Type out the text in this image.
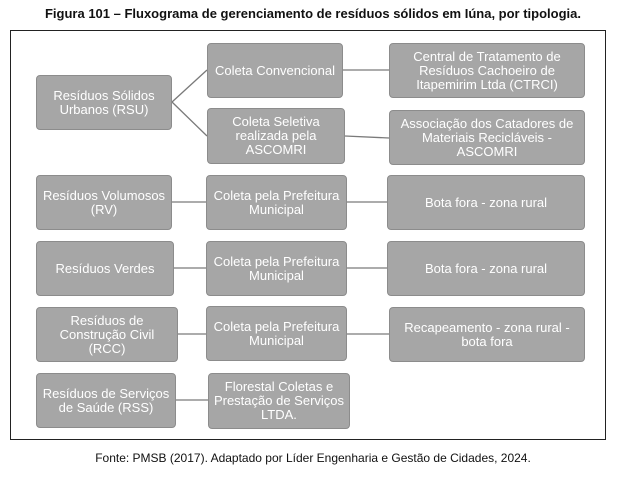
Figura 101 – Fluxograma de gerenciamento de resíduos sólidos em Iúna, por tipologia.
Resíduos Sólidos
Urbanos (RSU)
Coleta Convencional
Central de Tratamento de
Resíduos Cachoeiro de
Itapemirim Ltda (CTRCI)
Coleta Seletiva
realizada pela
ASCOMRI
Associação dos Catadores de
Materiais Recicláveis -
ASCOMRI
Resíduos Volumosos
(RV)
Coleta pela Prefeitura
Municipal	Bota fora - zona rural
Resíduos Verdes	Coleta pela Prefeitura
Municipal	Bota fora - zona rural
Resíduos de
Construção Civil
(RCC)
Coleta pela Prefeitura
Municipal
Recapeamento - zona rural -
bota fora
Resíduos de Serviços
de Saúde (RSS)
Florestal Coletas e
Prestação de Serviços
LTDA.
Fonte: PMSB (2017). Adaptado por Líder Engenharia e Gestão de Cidades, 2024.
